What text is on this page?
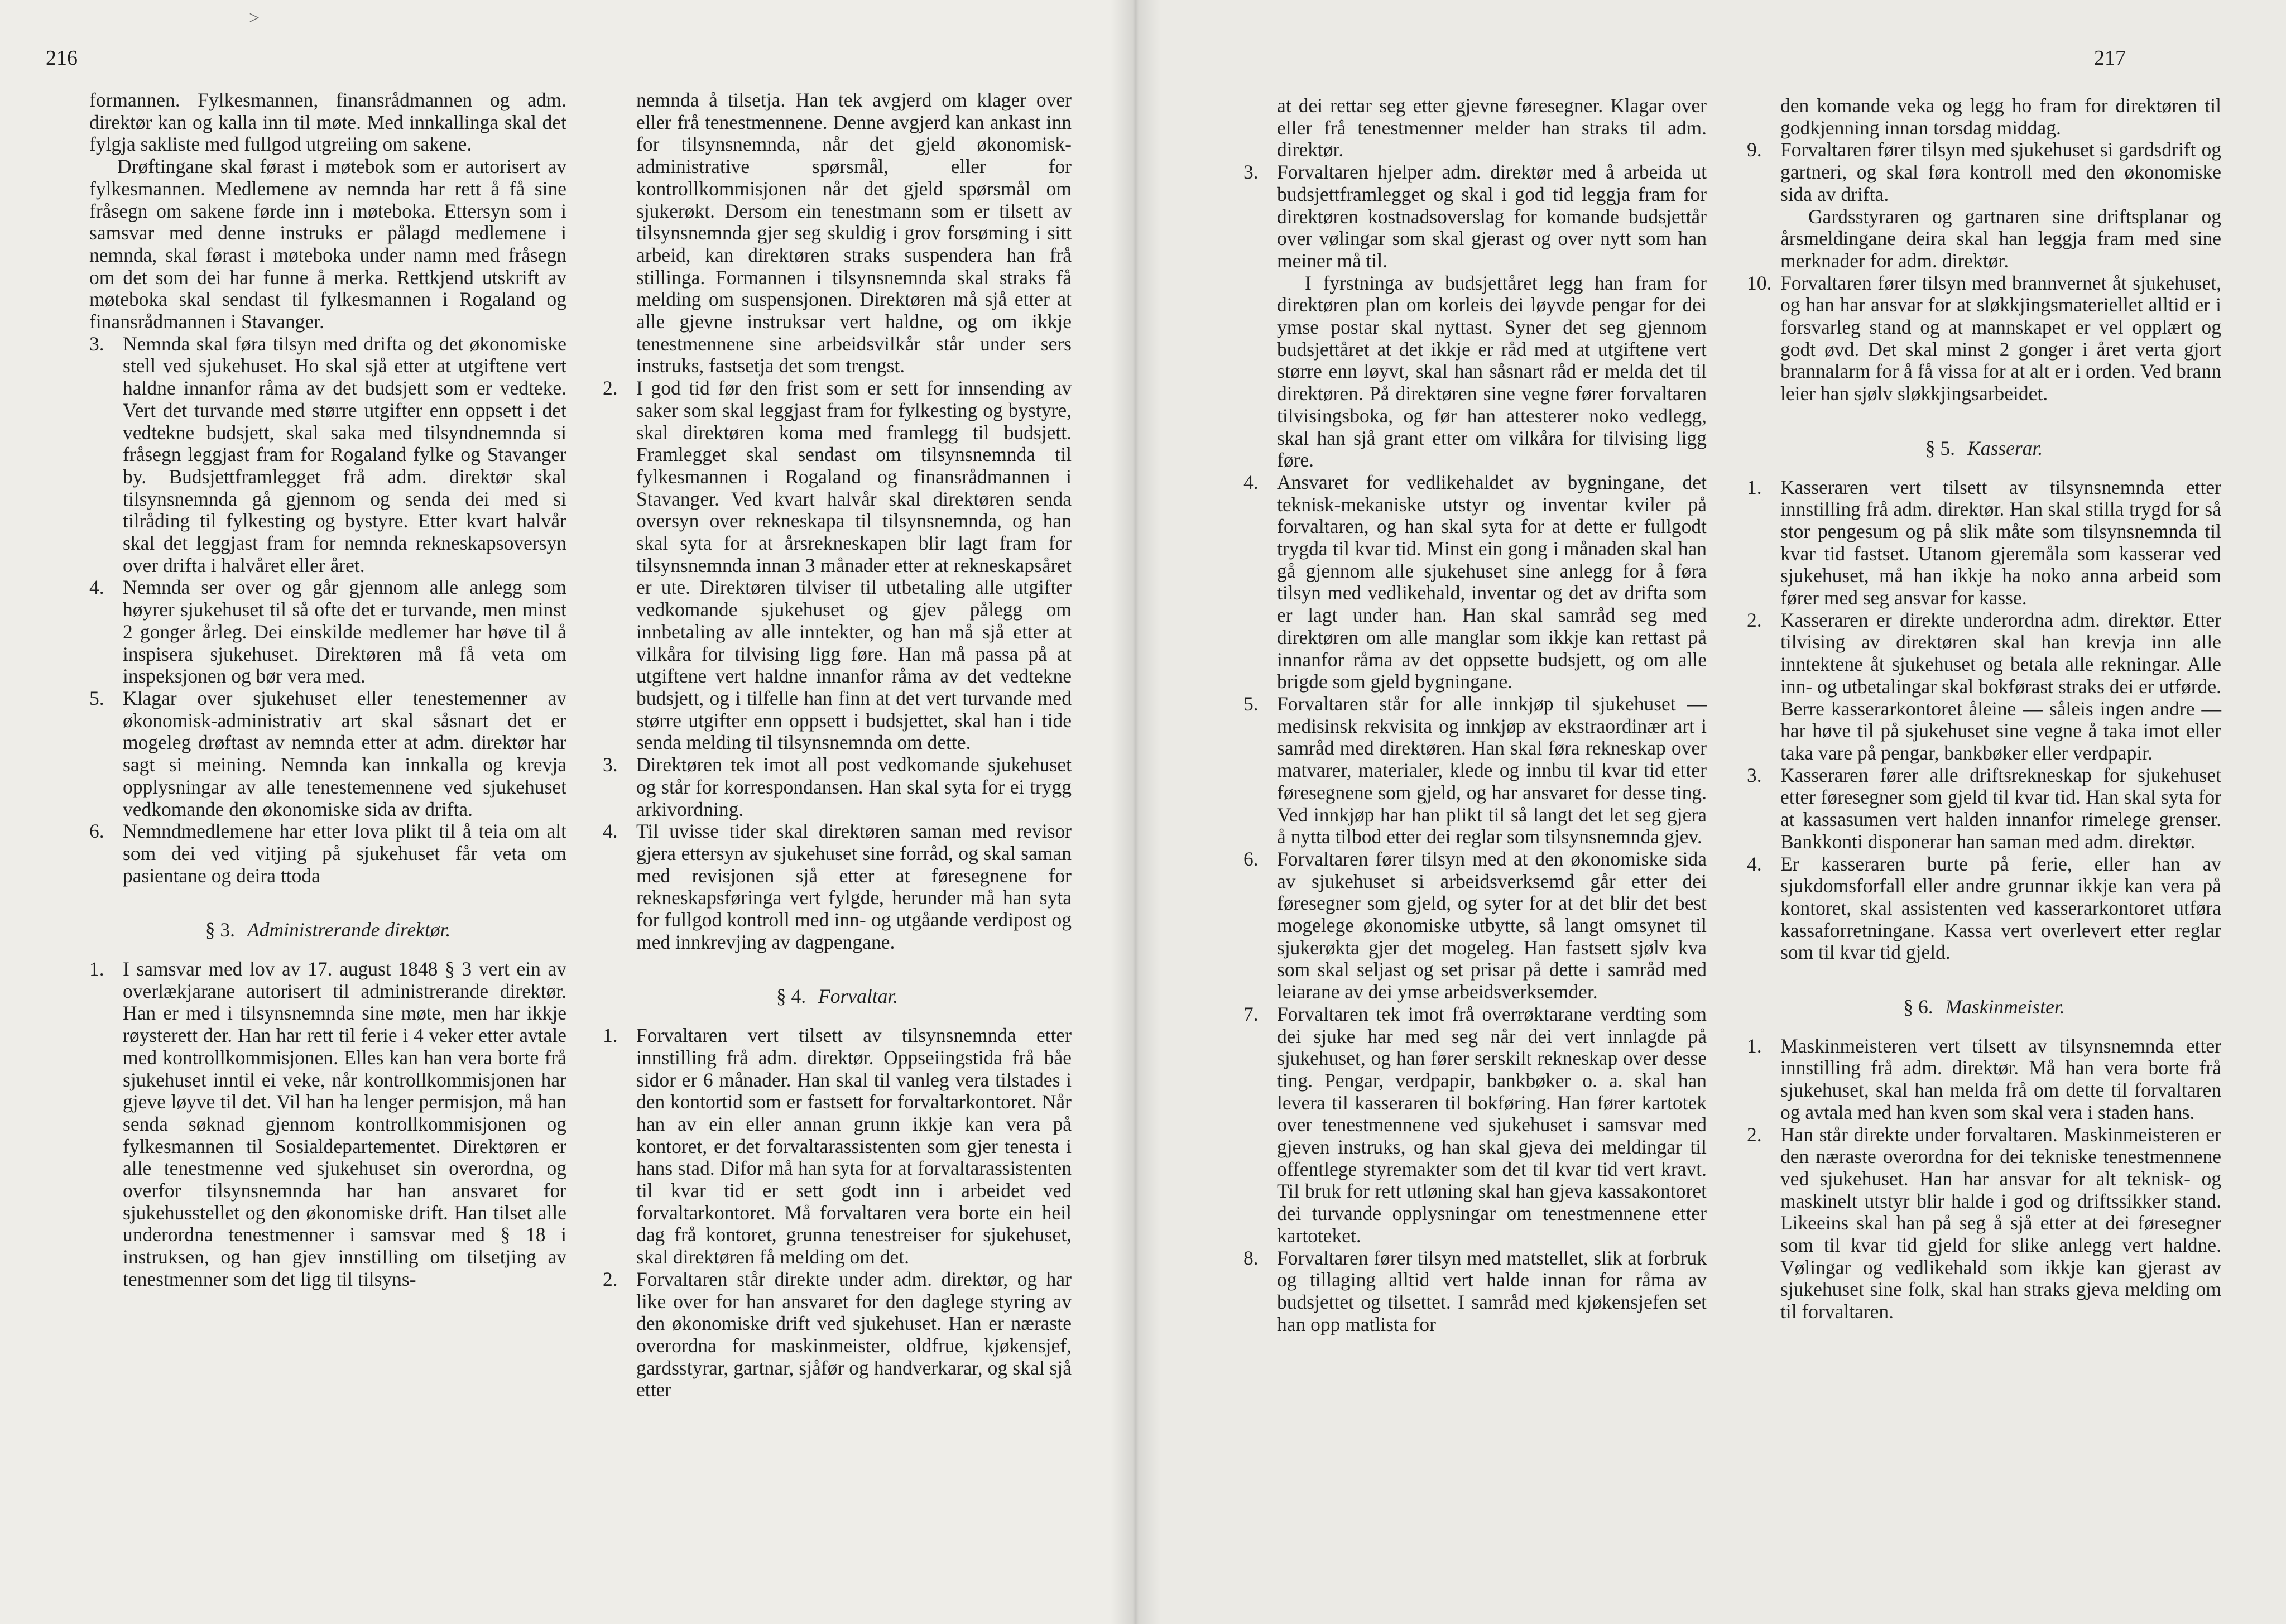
>
216

formannen. Fylkesmannen, finansrådmannen og adm. direktør kan og kalla inn til møte. Med innkallinga skal det fylgja sakliste med fullgod utgreiing om sakene.

Drøftingane skal førast i møtebok som er autorisert av fylkesmannen. Medlemene av nemnda har rett å få sine fråsegn om sakene førde inn i møteboka. Ettersyn som i samsvar med denne instruks er pålagd medlemene i nemnda, skal førast i møteboka under namn med fråsegn om det som dei har funne å merka. Rettkjend utskrift av møteboka skal sendast til fylkesmannen i Rogaland og finansrådmannen i Stavanger.

3. Nemnda skal føra tilsyn med drifta og det økonomiske stell ved sjukehuset. Ho skal sjå etter at utgiftene vert haldne innanfor råma av det budsjett som er vedteke. Vert det turvande med større utgifter enn oppsett i det vedtekne budsjett, skal saka med tilsyndnemnda si fråsegn leggjast fram for Rogaland fylke og Stavanger by. Budsjettframlegget frå adm. direktør skal tilsynsnemnda gå gjennom og senda dei med si tilråding til fylkesting og bystyre. Etter kvart halvår skal det leggjast fram for nemnda rekneskapsoversyn over drifta i halvåret eller året.

4. Nemnda ser over og går gjennom alle anlegg som høyrer sjukehuset til så ofte det er turvande, men minst 2 gonger årleg. Dei einskilde medlemer har høve til å inspisera sjukehuset. Direktøren må få veta om inspeksjonen og bør vera med.

5. Klagar over sjukehuset eller tenestemenner av økonomisk-administrativ art skal såsnart det er mogeleg drøftast av nemnda etter at adm. direktør har sagt si meining. Nemnda kan innkalla og krevja opplysningar av alle tenestemennene ved sjukehuset vedkomande den økonomiske sida av drifta.

6. Nemndmedlemene har etter lova plikt til å teia om alt som dei ved vitjing på sjukehuset får veta om pasientane og deira ttoda

§ 3. Administrerande direktør.
1. I samsvar med lov av 17. august 1848 § 3 vert ein av overlækjarane autorisert til administrerande direktør. Han er med i tilsynsnemnda sine møte, men har ikkje røysterett der. Han har rett til ferie i 4 veker etter avtale med kontrollkommisjonen. Elles kan han vera borte frå sjukehuset inntil ei veke, når kontrollkommisjonen har gjeve løyve til det. Vil han ha lenger permisjon, må han senda søknad gjennom kontrollkommisjonen og fylkesmannen til Sosialdepartementet. Direktøren er alle tenestmenne ved sjukehuset sin overordna, og overfor tilsynsnemnda har han ansvaret for sjukehusstellet og den økonomiske drift. Han tilset alle underordna tenestmenner i samsvar med § 18 i instruksen, og han gjev innstilling om tilsetjing av tenestmenner som det ligg til tilsyns-

nemnda å tilsetja. Han tek avgjerd om klager over eller frå tenestmennene. Denne avgjerd kan ankast inn for tilsynsnemnda, når det gjeld økonomisk-administrative spørsmål, eller for kontrollkommisjonen når det gjeld spørsmål om sjukerøkt. Dersom ein tenestmann som er tilsett av tilsynsnemnda gjer seg skuldig i grov forsøming i sitt arbeid, kan direktøren straks suspendera han frå stillinga. Formannen i tilsynsnemnda skal straks få melding om suspensjonen. Direktøren må sjå etter at alle gjevne instruksar vert haldne, og om ikkje tenestmennene sine arbeidsvilkår står under sers instruks, fastsetja det som trengst.

2. I god tid før den frist som er sett for innsending av saker som skal leggjast fram for fylkesting og bystyre, skal direktøren koma med framlegg til budsjett. Framlegget skal sendast om tilsynsnemnda til fylkesmannen i Rogaland og finansrådmannen i Stavanger. Ved kvart halvår skal direktøren senda oversyn over rekneskapa til tilsynsnemnda, og han skal syta for at årsrekneskapen blir lagt fram for tilsynsnemnda innan 3 månader etter at rekneskapsåret er ute. Direktøren tilviser til utbetaling alle utgifter vedkomande sjukehuset og gjev pålegg om innbetaling av alle inntekter, og han må sjå etter at vilkåra for tilvising ligg føre. Han må passa på at utgiftene vert haldne innanfor råma av det vedtekne budsjett, og i tilfelle han finn at det vert turvande med større utgifter enn oppsett i budsjettet, skal han i tide senda melding til tilsynsnemnda om dette.

3. Direktøren tek imot all post vedkomande sjukehuset og står for korrespondansen. Han skal syta for ei trygg arkivordning.

4. Til uvisse tider skal direktøren saman med revisor gjera ettersyn av sjukehuset sine forråd, og skal saman med revisjonen sjå etter at føresegnene for rekneskapsføringa vert fylgde, herunder må han syta for fullgod kontroll med inn- og utgåande verdipost og med innkrevjing av dagpengane.

§ 4. Forvaltar.
1. Forvaltaren vert tilsett av tilsynsnemnda etter innstilling frå adm. direktør. Oppseiingstida frå båe sidor er 6 månader. Han skal til vanleg vera tilstades i den kontortid som er fastsett for forvaltarkontoret. Når han av ein eller annan grunn ikkje kan vera på kontoret, er det forvaltarassistenten som gjer tenesta i hans stad. Difor må han syta for at forvaltarassistenten til kvar tid er sett godt inn i arbeidet ved forvaltarkontoret. Må forvaltaren vera borte ein heil dag frå kontoret, grunna tenestreiser for sjukehuset, skal direktøren få melding om det.

2. Forvaltaren står direkte under adm. direktør, og har like over for han ansvaret for den daglege styring av den økonomiske drift ved sjukehuset. Han er næraste overordna for maskinmeister, oldfrue, kjøkensjef, gardsstyrar, gartnar, sjåfør og handverkarar, og skal sjå etter

217

at dei rettar seg etter gjevne føresegner. Klagar over eller frå tenestmenner melder han straks til adm. direktør.

3. Forvaltaren hjelper adm. direktør med å arbeida ut budsjettframlegget og skal i god tid leggja fram for direktøren kostnadsoverslag for komande budsjettår over vølingar som skal gjerast og over nytt som han meiner må til.

I fyrstninga av budsjettåret legg han fram for direktøren plan om korleis dei løyvde pengar for dei ymse postar skal nyttast. Syner det seg gjennom budsjettåret at det ikkje er råd med at utgiftene vert større enn løyvt, skal han såsnart råd er melda det til direktøren. På direktøren sine vegne fører forvaltaren tilvisingsboka, og før han attesterer noko vedlegg, skal han sjå grant etter om vilkåra for tilvising ligg føre.

4. Ansvaret for vedlikehaldet av bygningane, det teknisk-mekaniske utstyr og inventar kviler på forvaltaren, og han skal syta for at dette er fullgodt trygda til kvar tid. Minst ein gong i månaden skal han gå gjennom alle sjukehuset sine anlegg for å føra tilsyn med vedlikehald, inventar og det av drifta som er lagt under han. Han skal samråd seg med direktøren om alle manglar som ikkje kan rettast på innanfor råma av det oppsette budsjett, og om alle brigde som gjeld bygningane.

5. Forvaltaren står for alle innkjøp til sjukehuset — medisinsk rekvisita og innkjøp av ekstraordinær art i samråd med direktøren. Han skal føra rekneskap over matvarer, materialer, klede og innbu til kvar tid etter føresegnene som gjeld, og har ansvaret for desse ting. Ved innkjøp har han plikt til så langt det let seg gjera å nytta tilbod etter dei reglar som tilsynsnemnda gjev.

6. Forvaltaren fører tilsyn med at den økonomiske sida av sjukehuset si arbeidsverksemd går etter dei føresegner som gjeld, og syter for at det blir det best mogelege økonomiske utbytte, så langt omsynet til sjukerøkta gjer det mogeleg. Han fastsett sjølv kva som skal seljast og set prisar på dette i samråd med leiarane av dei ymse arbeidsverksemder.

7. Forvaltaren tek imot frå overrøktarane verdting som dei sjuke har med seg når dei vert innlagde på sjukehuset, og han fører serskilt rekneskap over desse ting. Pengar, verdpapir, bankbøker o. a. skal han levera til kasseraren til bokføring. Han fører kartotek over tenestmennene ved sjukehuset i samsvar med gjeven instruks, og han skal gjeva dei meldingar til offentlege styremakter som det til kvar tid vert kravt. Til bruk for rett utløning skal han gjeva kassakontoret dei turvande opplysningar om tenestmennene etter kartoteket.

8. Forvaltaren fører tilsyn med matstellet, slik at forbruk og tillaging alltid vert halde innan for råma av budsjettet og tilsettet. I samråd med kjøkensjefen set han opp matlista for

den komande veka og legg ho fram for direktøren til godkjenning innan torsdag middag.

9. Forvaltaren fører tilsyn med sjukehuset si gardsdrift og gartneri, og skal føra kontroll med den økonomiske sida av drifta.

Gardsstyraren og gartnaren sine driftsplanar og årsmeldingane deira skal han leggja fram med sine merknader for adm. direktør.

10. Forvaltaren fører tilsyn med brannvernet åt sjukehuset, og han har ansvar for at sløkkjingsmateriellet alltid er i forsvarleg stand og at mannskapet er vel opplært og godt øvd. Det skal minst 2 gonger i året verta gjort brannalarm for å få vissa for at alt er i orden. Ved brann leier han sjølv sløkkjingsarbeidet.

§ 5. Kasserar.
1. Kasseraren vert tilsett av tilsynsnemnda etter innstilling frå adm. direktør. Han skal stilla trygd for så stor pengesum og på slik måte som tilsynsnemnda til kvar tid fastset. Utanom gjeremåla som kasserar ved sjukehuset, må han ikkje ha noko anna arbeid som fører med seg ansvar for kasse.

2. Kasseraren er direkte underordna adm. direktør. Etter tilvising av direktøren skal han krevja inn alle inntektene åt sjukehuset og betala alle rekningar. Alle inn- og utbetalingar skal bokførast straks dei er utførde. Berre kasserarkontoret åleine — såleis ingen andre — har høve til på sjukehuset sine vegne å taka imot eller taka vare på pengar, bankbøker eller verdpapir.

3. Kasseraren fører alle driftsrekneskap for sjukehuset etter føresegner som gjeld til kvar tid. Han skal syta for at kassasumen vert halden innanfor rimelege grenser. Bankkonti disponerar han saman med adm. direktør.

4. Er kasseraren burte på ferie, eller han av sjukdomsforfall eller andre grunnar ikkje kan vera på kontoret, skal assistenten ved kasserarkontoret utføra kassaforretningane. Kassa vert overlevert etter reglar som til kvar tid gjeld.

§ 6. Maskinmeister.
1. Maskinmeisteren vert tilsett av tilsynsnemnda etter innstilling frå adm. direktør. Må han vera borte frå sjukehuset, skal han melda frå om dette til forvaltaren og avtala med han kven som skal vera i staden hans.

2. Han står direkte under forvaltaren. Maskinmeisteren er den næraste overordna for dei tekniske tenestmennene ved sjukehuset. Han har ansvar for alt teknisk- og maskinelt utstyr blir halde i god og driftssikker stand. Likeeins skal han på seg å sjå etter at dei føresegner som til kvar tid gjeld for slike anlegg vert haldne. Vølingar og vedlikehald som ikkje kan gjerast av sjukehuset sine folk, skal han straks gjeva melding om til forvaltaren.
